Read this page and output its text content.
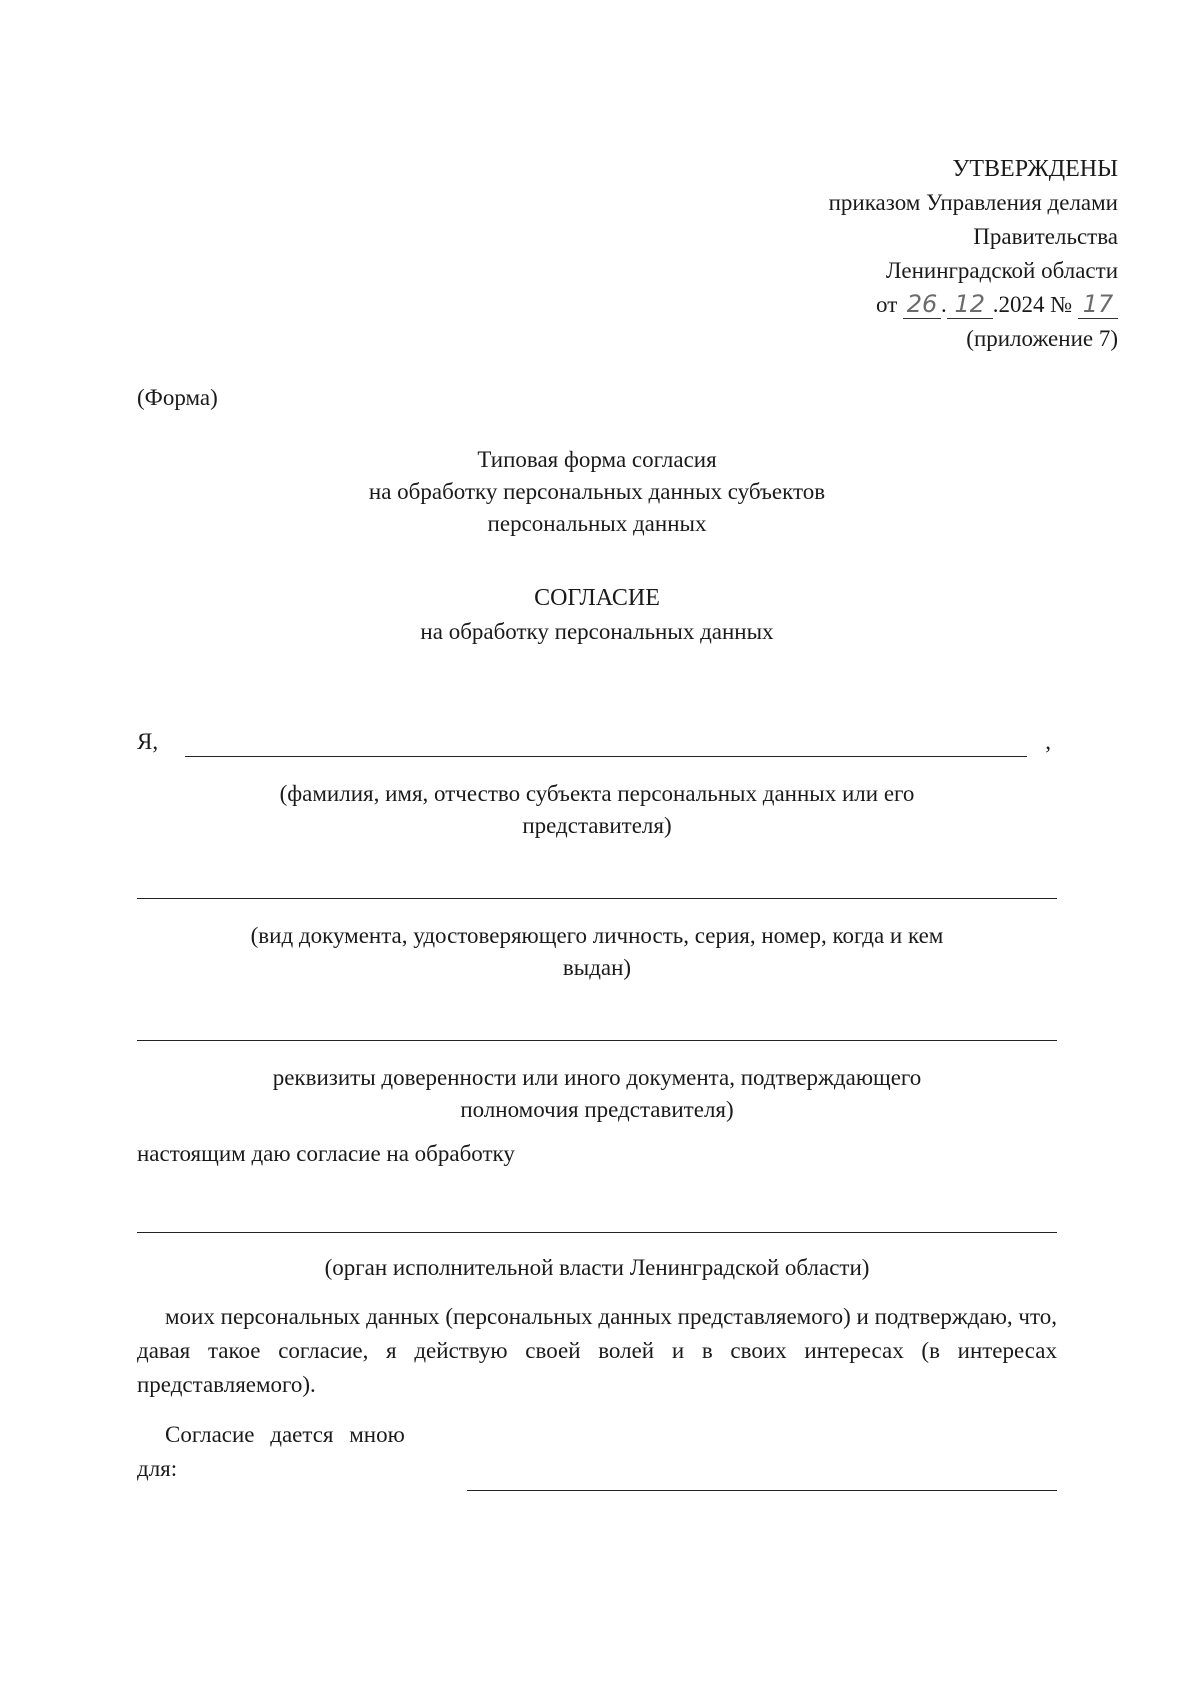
УТВЕРЖДЕНЫ
приказом Управления делами
Правительства
Ленинградской области
от 26 . 12 .2024 № 17
(приложение 7)
(Форма)
Типовая форма согласия
на обработку персональных данных субъектов
персональных данных
СОГЛАСИЕ
на обработку персональных данных
Я,	,
(фамилия, имя, отчество субъекта персональных данных или его
представителя)
(вид документа, удостоверяющего личность, серия, номер, когда и кем
выдан)
реквизиты доверенности или иного документа, подтверждающего
полномочия представителя)
настоящим даю согласие на обработку
(орган исполнительной власти Ленинградской области)
моих персональных данных (персональных данных представляемого) и подтверждаю, что, давая такое согласие, я действую своей волей и в своих интересах (в интересах представляемого).
Согласие дается мною
для:
